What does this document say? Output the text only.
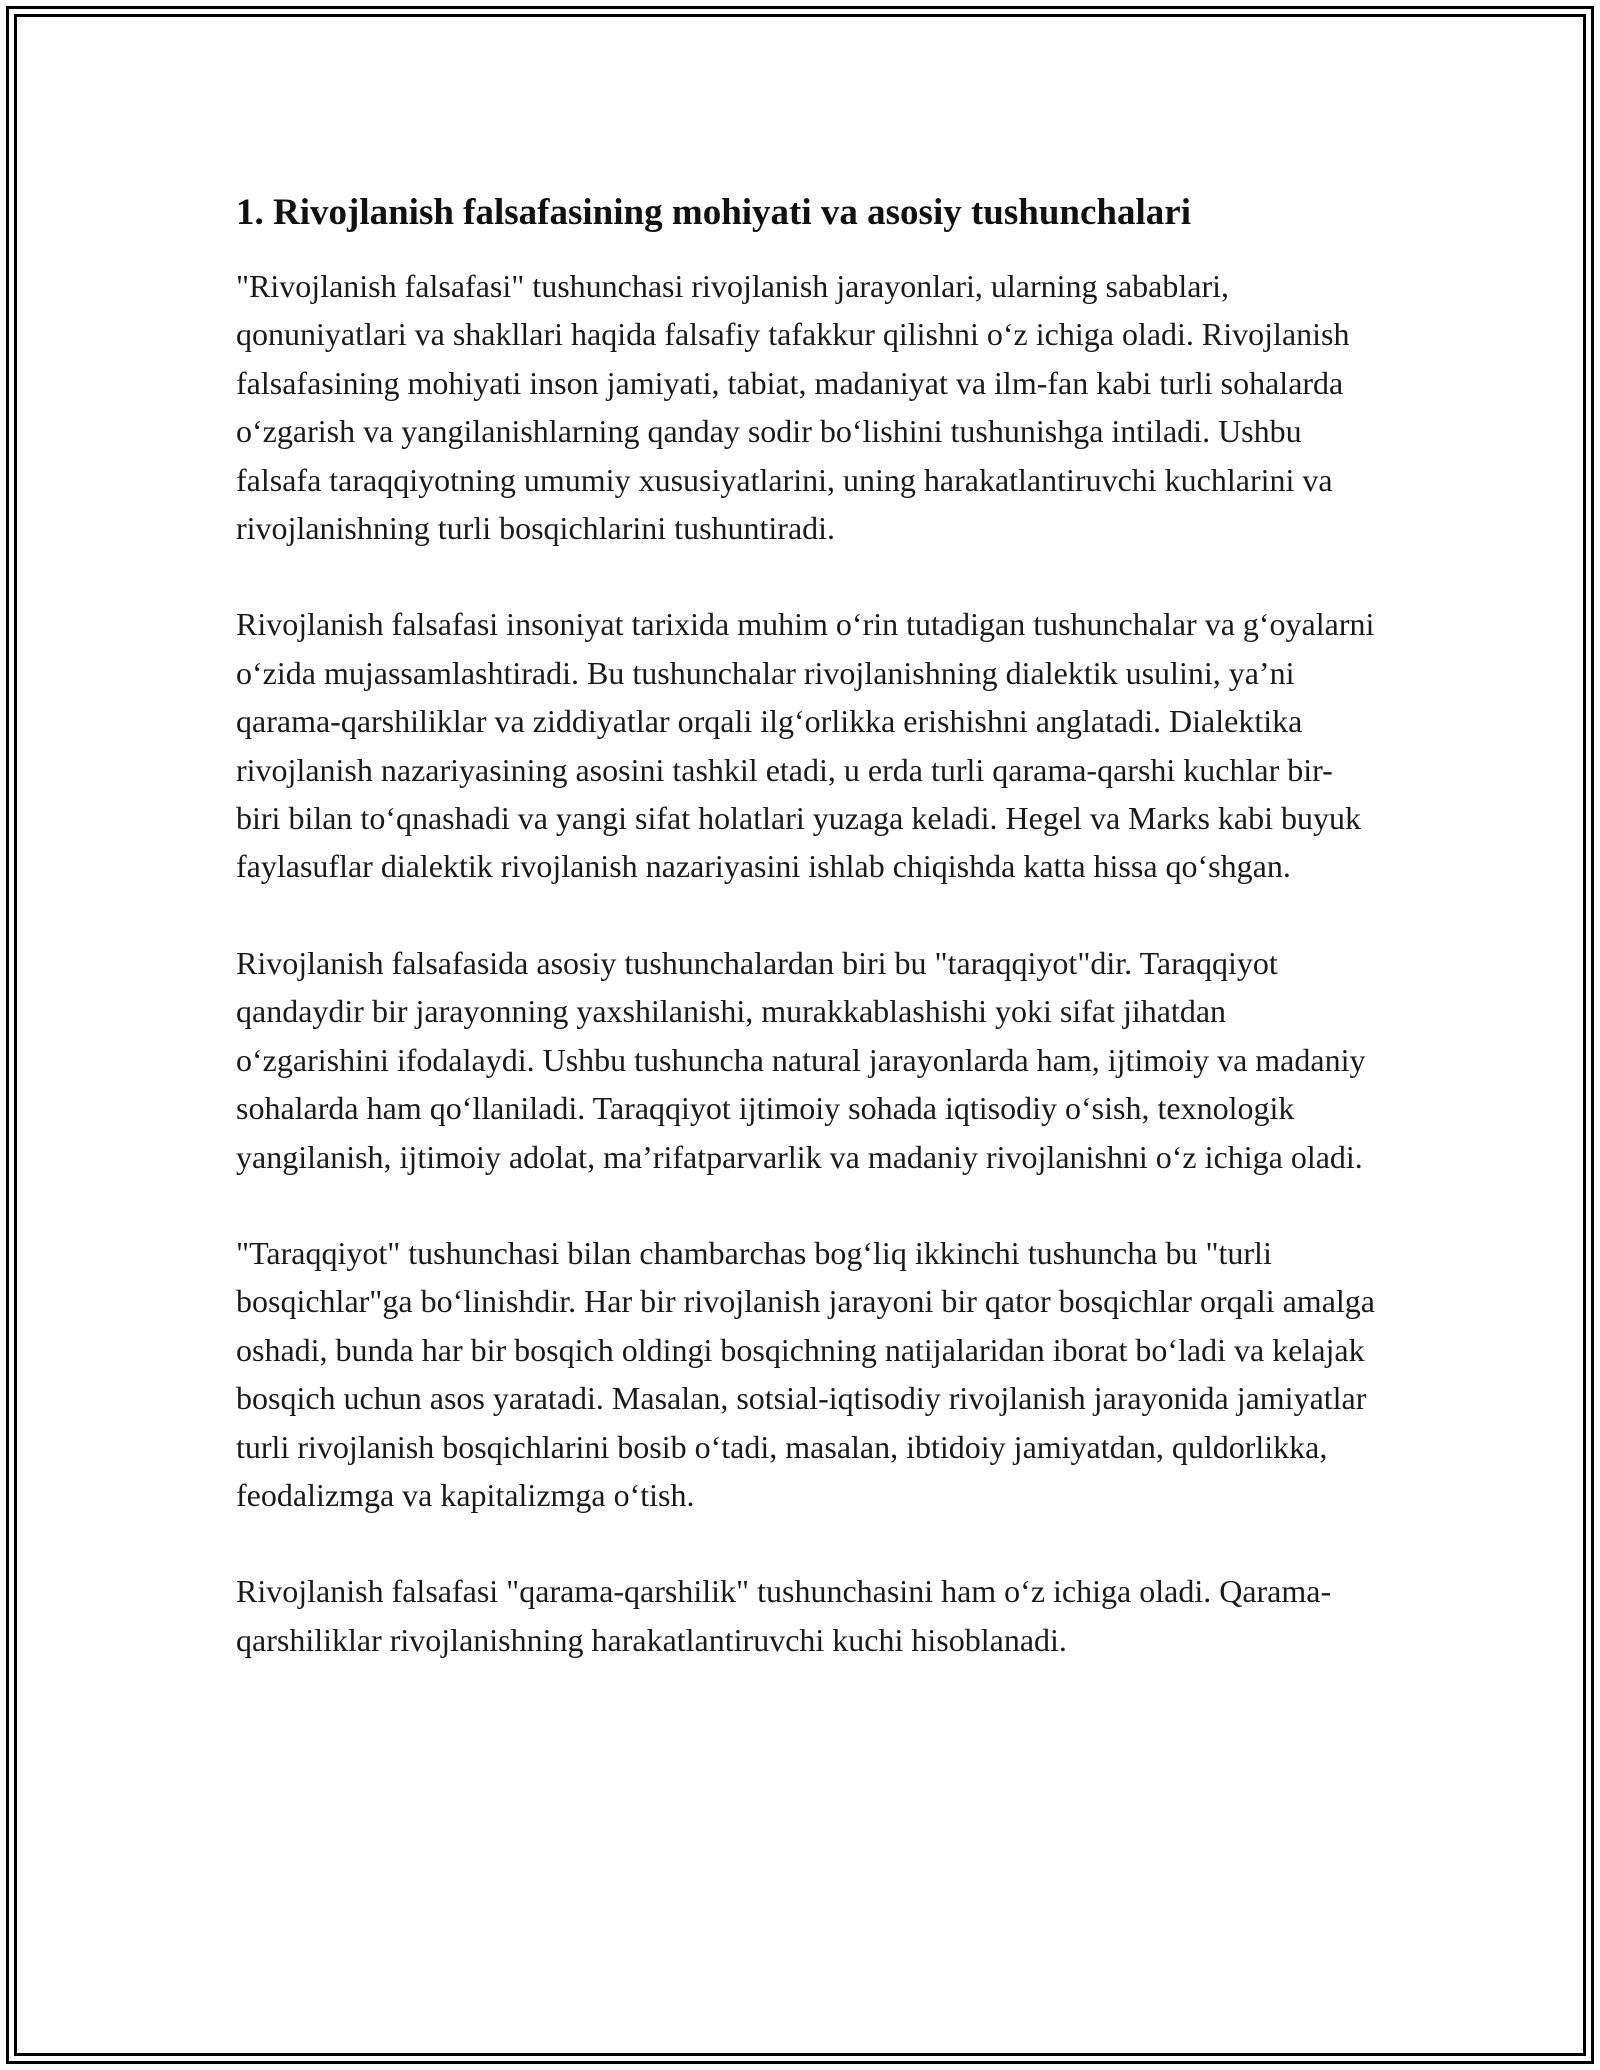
1. Rivojlanish falsafasining mohiyati va asosiy tushunchalari

"Rivojlanish falsafasi" tushunchasi rivojlanish jarayonlari, ularning sabablari, qonuniyatlari va shakllari haqida falsafiy tafakkur qilishni o‘z ichiga oladi. Rivojlanish falsafasining mohiyati inson jamiyati, tabiat, madaniyat va ilm-fan kabi turli sohalarda o‘zgarish va yangilanishlarning qanday sodir bo‘lishini tushunishga intiladi. Ushbu falsafa taraqqiyotning umumiy xususiyatlarini, uning harakatlantiruvchi kuchlarini va rivojlanishning turli bosqichlarini tushuntiradi.

Rivojlanish falsafasi insoniyat tarixida muhim o‘rin tutadigan tushunchalar va g‘oyalarni o‘zida mujassamlashtiradi. Bu tushunchalar rivojlanishning dialektik usulini, ya’ni qarama-qarshiliklar va ziddiyatlar orqali ilg‘orlikka erishishni anglatadi. Dialektika rivojlanish nazariyasining asosini tashkil etadi, u erda turli qarama-qarshi kuchlar bir-biri bilan to‘qnashadi va yangi sifat holatlari yuzaga keladi. Hegel va Marks kabi buyuk faylasuflar dialektik rivojlanish nazariyasini ishlab chiqishda katta hissa qo‘shgan.

Rivojlanish falsafasida asosiy tushunchalardan biri bu "taraqqiyot"dir. Taraqqiyot qandaydir bir jarayonning yaxshilanishi, murakkablashishi yoki sifat jihatdan o‘zgarishini ifodalaydi. Ushbu tushuncha natural jarayonlarda ham, ijtimoiy va madaniy sohalarda ham qo‘llaniladi. Taraqqiyot ijtimoiy sohada iqtisodiy o‘sish, texnologik yangilanish, ijtimoiy adolat, ma’rifatparvarlik va madaniy rivojlanishni o‘z ichiga oladi.

"Taraqqiyot" tushunchasi bilan chambarchas bog‘liq ikkinchi tushuncha bu "turli bosqichlar"ga bo‘linishdir. Har bir rivojlanish jarayoni bir qator bosqichlar orqali amalga oshadi, bunda har bir bosqich oldingi bosqichning natijalaridan iborat bo‘ladi va kelajak bosqich uchun asos yaratadi. Masalan, sotsial-iqtisodiy rivojlanish jarayonida jamiyatlar turli rivojlanish bosqichlarini bosib o‘tadi, masalan, ibtidoiy jamiyatdan, quldorlikka, feodalizmga va kapitalizmga o‘tish.

Rivojlanish falsafasi "qarama-qarshilik" tushunchasini ham o‘z ichiga oladi. Qarama-qarshiliklar rivojlanishning harakatlantiruvchi kuchi hisoblanadi.
